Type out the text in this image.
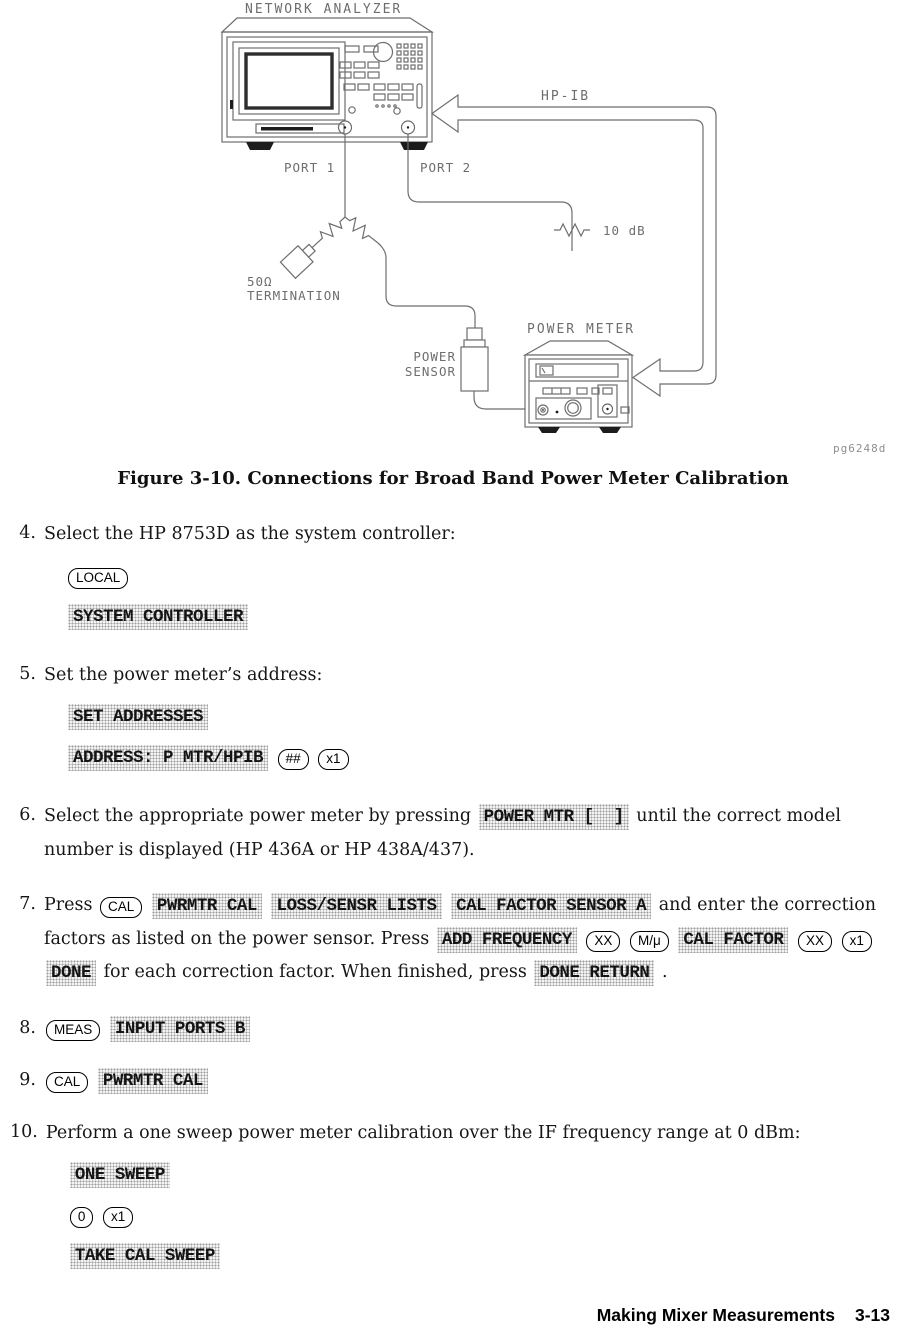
NETWORK ANALYZER
HP-IB
PORT 1	PORT 2
50Ω
TERMINATION
10 dB
POWER
SENSOR
POWER METER
pg6248d
Figure 3-10. Connections for Broad Band Power Meter Calibration
4. Select the HP 8753D as the system controller:

LOCAL
SYSTEM CONTROLLER
5. Set the power meter’s address:

SET ADDRESSES
ADDRESS: P MTR/HPIB ## x1
6. Select the appropriate power meter by pressing POWER MTR [  ] until the correct model number is displayed (HP 436A or HP 438A/437).

7. Press CAL PWRMTR CAL LOSS/SENSR LISTS CAL FACTOR SENSOR A and enter the correction factors as listed on the power sensor. Press ADD FREQUENCY XX M/μ CAL FACTOR XX x1 DONE for each correction factor. When finished, press DONE RETURN .

8.	MEAS INPUT PORTS B
9.	CAL PWRMTR CAL
10. Perform a one sweep power meter calibration over the IF frequency range at 0 dBm:

ONE SWEEP
0 x1
TAKE CAL SWEEP
Making Mixer Measurements 3-13
